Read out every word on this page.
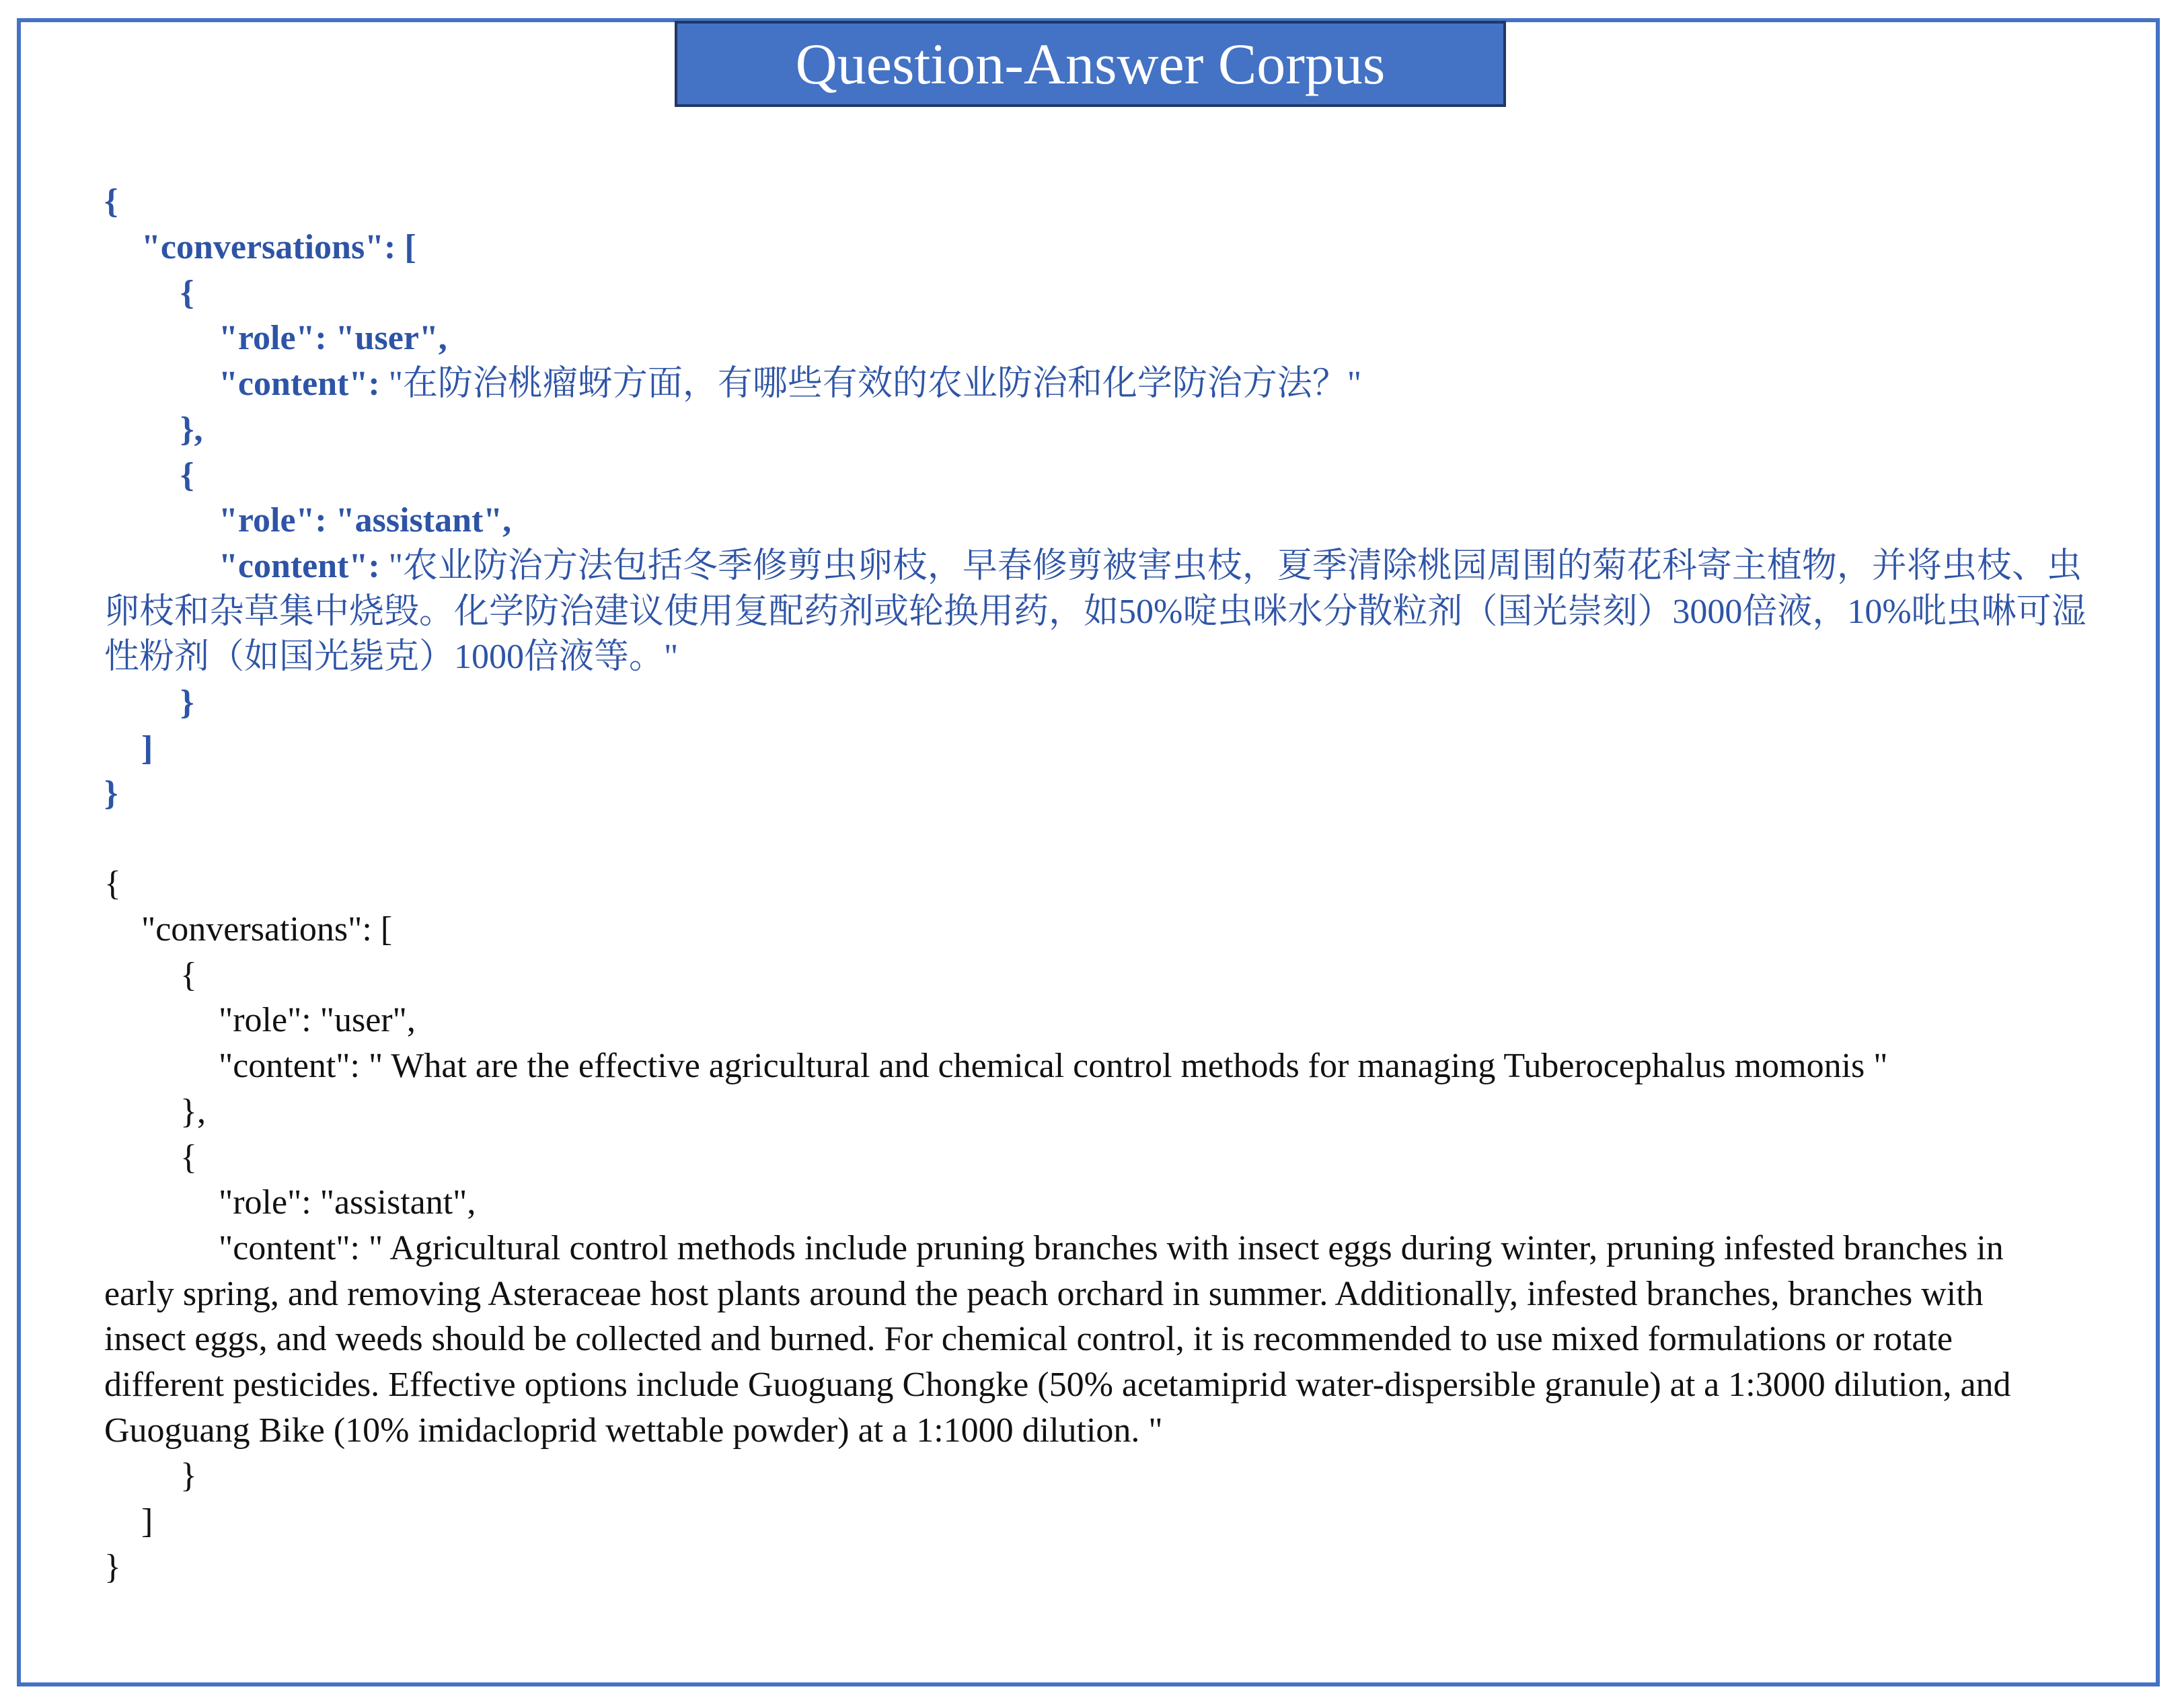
Question-Answer Corpus

{

"conversations": [

{

"role": "user",

"content": "在防治桃瘤蚜方面，有哪些有效的农业防治和化学防治方法？"

},

{

"role": "assistant",

"content": "农业防治方法包括冬季修剪虫卵枝，早春修剪被害虫枝，夏季清除桃园周围的菊花科寄主植物，并将虫枝、虫卵枝和杂草集中烧毁。化学防治建议使用复配药剂或轮换用药，如50%啶虫咪水分散粒剂（国光崇刻）3000倍液，10%吡虫啉可湿性粉剂（如国光毙克）1000倍液等。"

}

]

}

{

"conversations": [

{

"role": "user",

"content": " What are the effective agricultural and chemical control methods for managing Tuberocephalus momonis "

},

{

"role": "assistant",

"content": " Agricultural control methods include pruning branches with insect eggs during winter, pruning infested branches in early spring, and removing Asteraceae host plants around the peach orchard in summer. Additionally, infested branches, branches with insect eggs, and weeds should be collected and burned. For chemical control, it is recommended to use mixed formulations or rotate different pesticides. Effective options include Guoguang Chongke (50% acetamiprid water-dispersible granule) at a 1:3000 dilution, and Guoguang Bike (10% imidacloprid wettable powder) at a 1:1000 dilution. "

}

]

}
